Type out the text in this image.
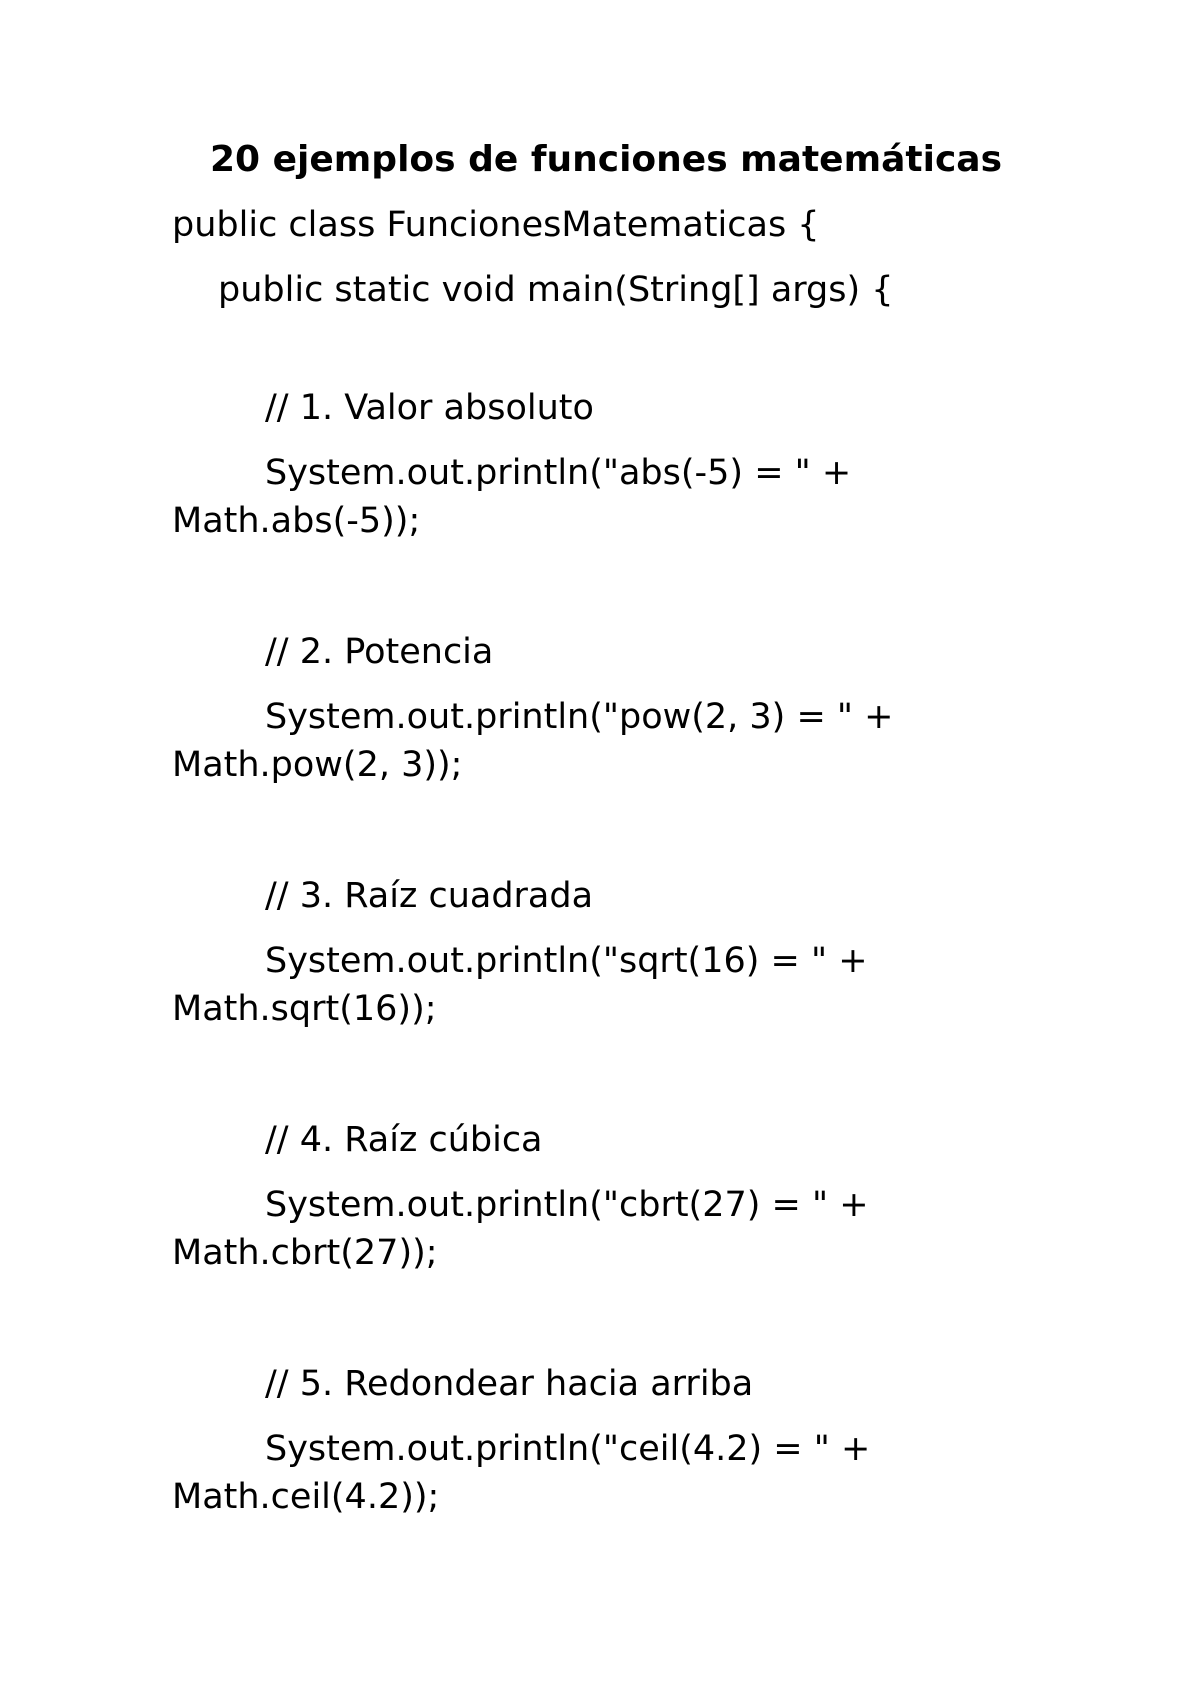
20 ejemplos de funciones matemáticas
public class FuncionesMatematicas {
public static void main(String[] args) {
// 1. Valor absoluto
System.out.println("abs(-5) = " +
Math.abs(-5));
// 2. Potencia
System.out.println("pow(2, 3) = " +
Math.pow(2, 3));
// 3. Raíz cuadrada
System.out.println("sqrt(16) = " +
Math.sqrt(16));
// 4. Raíz cúbica
System.out.println("cbrt(27) = " +
Math.cbrt(27));
// 5. Redondear hacia arriba
System.out.println("ceil(4.2) = " +
Math.ceil(4.2));
